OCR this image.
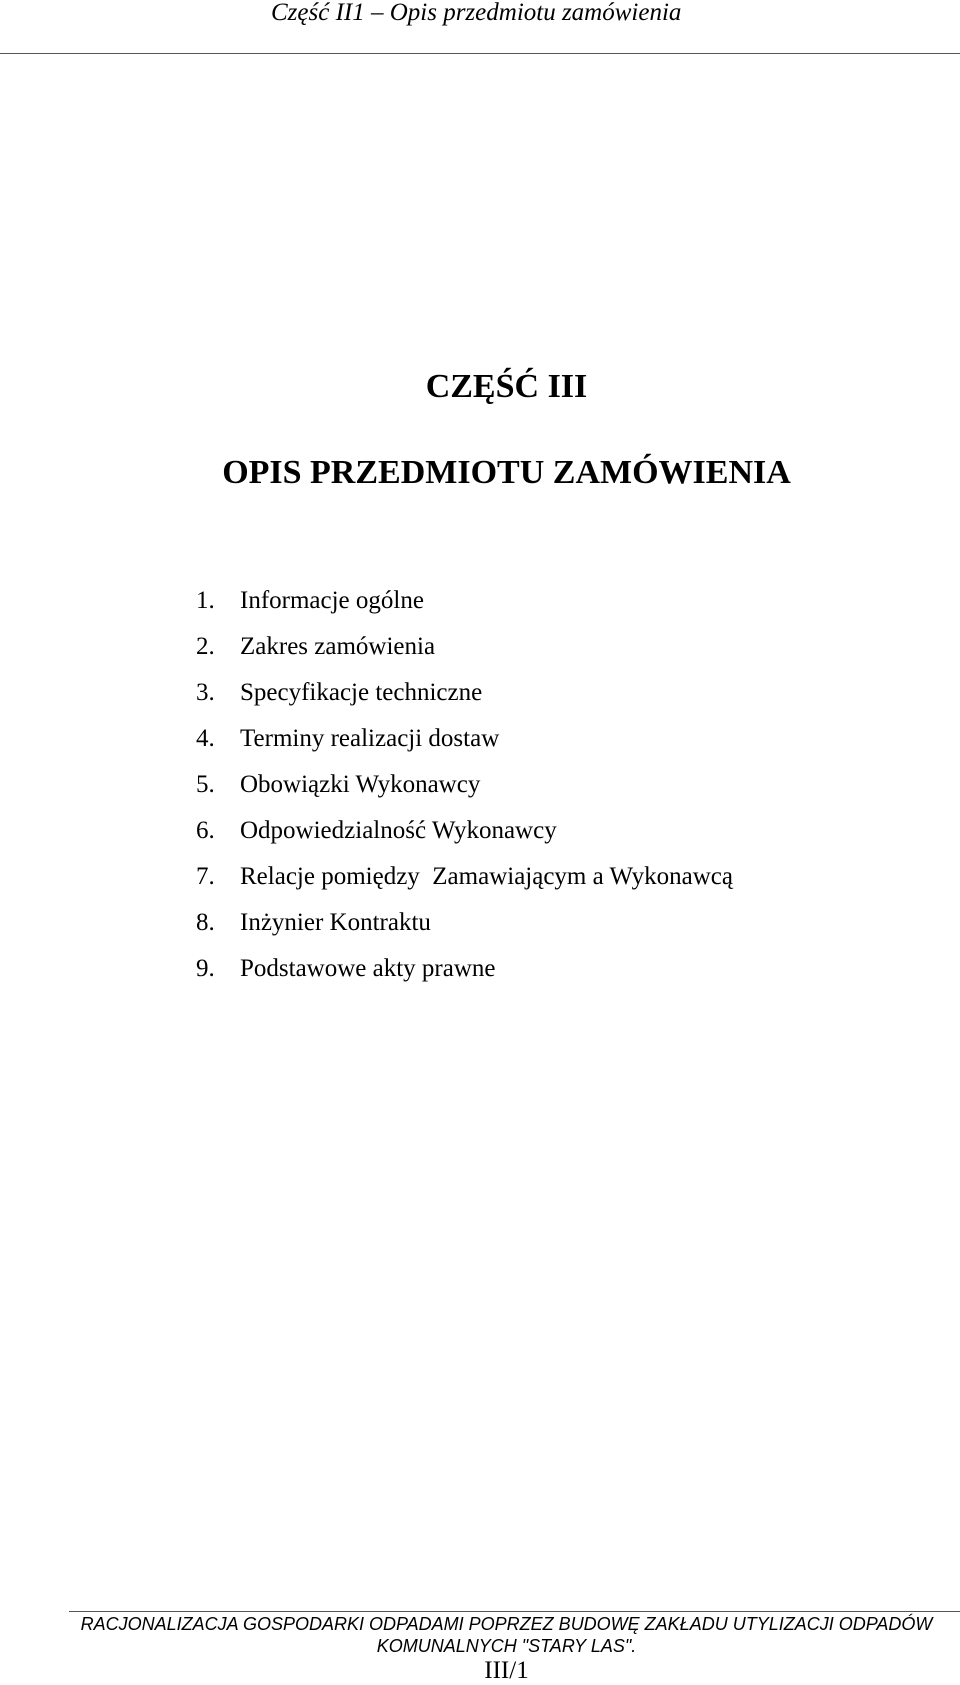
Część II1 – Opis przedmiotu zamówienia
CZĘŚĆ III
OPIS PRZEDMIOTU ZAMÓWIENIA
1. Informacje ogólne
2. Zakres zamówienia
3. Specyfikacje techniczne
4. Terminy realizacji dostaw
5. Obowiązki Wykonawcy
6. Odpowiedzialność Wykonawcy
7. Relacje pomiędzy  Zamawiającym a Wykonawcą
8. Inżynier Kontraktu
9. Podstawowe akty prawne
RACJONALIZACJA GOSPODARKI ODPADAMI POPRZEZ BUDOWĘ ZAKŁADU UTYLIZACJI ODPADÓW
KOMUNALNYCH "STARY LAS".
III/1
